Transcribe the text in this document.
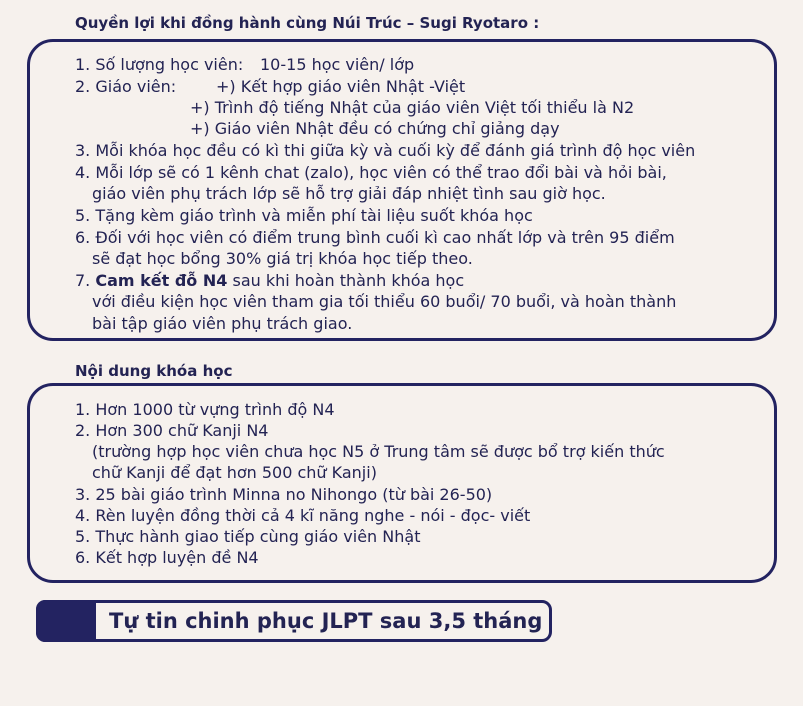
Quyền lợi khi đồng hành cùng Núi Trúc – Sugi Ryotaro :
1. Số lượng học viên: 10-15 học viên/ lớp
2. Giáo viên: +) Kết hợp giáo viên Nhật -Việt
+) Trình độ tiếng Nhật của giáo viên Việt tối thiểu là N2
+) Giáo viên Nhật đều có chứng chỉ giảng dạy
3. Mỗi khóa học đều có kì thi giữa kỳ và cuối kỳ để đánh giá trình độ học viên
4. Mỗi lớp sẽ có 1 kênh chat (zalo), học viên có thể trao đổi bài và hỏi bài,
giáo viên phụ trách lớp sẽ hỗ trợ giải đáp nhiệt tình sau giờ học.
5. Tặng kèm giáo trình và miễn phí tài liệu suốt khóa học
6. Đối với học viên có điểm trung bình cuối kì cao nhất lớp và trên 95 điểm
sẽ đạt học bổng 30% giá trị khóa học tiếp theo.
7. Cam kết đỗ N4 sau khi hoàn thành khóa học
với điều kiện học viên tham gia tối thiểu 60 buổi/ 70 buổi, và hoàn thành
bài tập giáo viên phụ trách giao.
Nội dung khóa học
1. Hơn 1000 từ vựng trình độ N4
2. Hơn 300 chữ Kanji N4
(trường hợp học viên chưa học N5 ở Trung tâm sẽ được bổ trợ kiến thức
chữ Kanji để đạt hơn 500 chữ Kanji)
3. 25 bài giáo trình Minna no Nihongo (từ bài 26-50)
4. Rèn luyện đồng thời cả 4 kĩ năng nghe - nói - đọc- viết
5. Thực hành giao tiếp cùng giáo viên Nhật
6. Kết hợp luyện đề N4
Tự tin chinh phục JLPT sau 3,5 tháng
